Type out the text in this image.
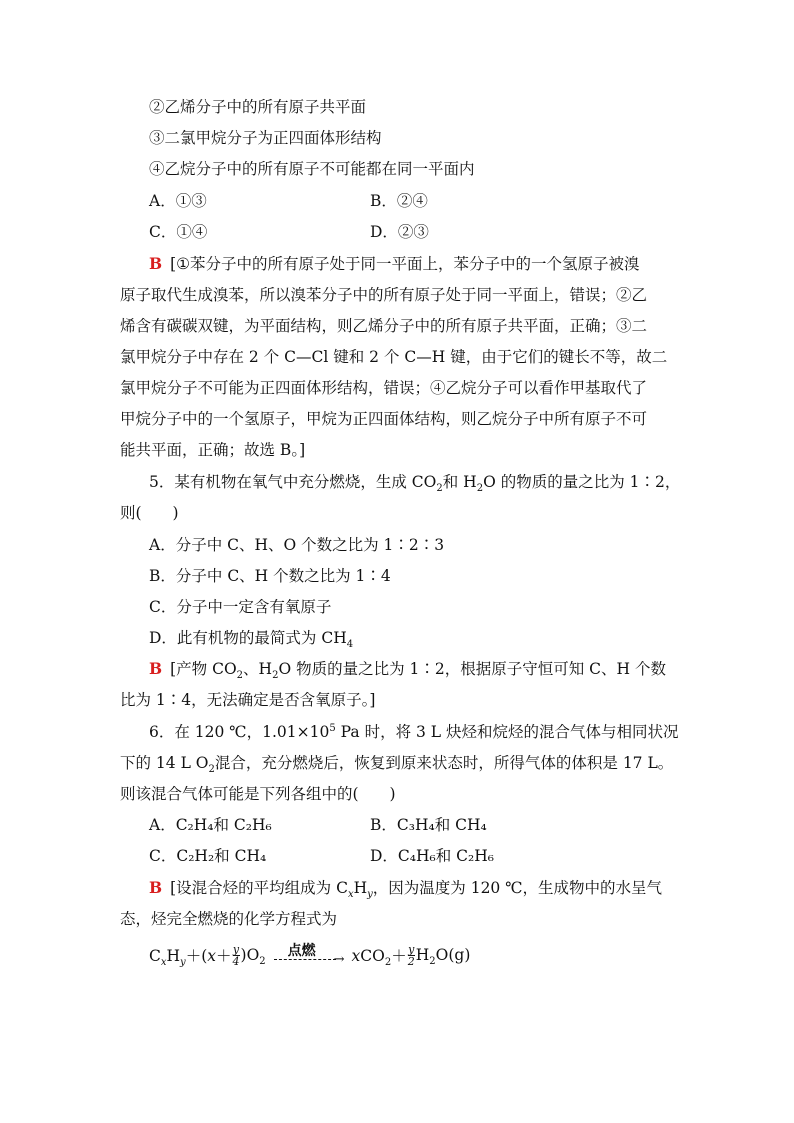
②乙烯分子中的所有原子共平面
③二氯甲烷分子为正四面体形结构
④乙烷分子中的所有原子不可能都在同一平面内
A．①③	B．②④
C．①④	D．②③
B [①苯分子中的所有原子处于同一平面上，苯分子中的一个氢原子被溴
原子取代生成溴苯，所以溴苯分子中的所有原子处于同一平面上，错误；②乙
烯含有碳碳双键，为平面结构，则乙烯分子中的所有原子共平面，正确；③二
氯甲烷分子中存在 2 个 C—Cl 键和 2 个 C—H 键，由于它们的键长不等，故二
氯甲烷分子不可能为正四面体形结构，错误；④乙烷分子可以看作甲基取代了
甲烷分子中的一个氢原子，甲烷为正四面体结构，则乙烷分子中所有原子不可
能共平面，正确；故选 B。]
5．某有机物在氧气中充分燃烧，生成 $CO_2$和 $H_2O$ 的物质的量之比为 1∶2，
则(　　)
A．分子中 C、H、O 个数之比为 1∶2∶3
B．分子中 C、H 个数之比为 1∶4
C．分子中一定含有氧原子
D．此有机物的最简式为 $CH_4$
B [产物 $CO_2$、$H_2O$ 物质的量之比为 1∶2，根据原子守恒可知 C、H 个数
比为 1∶4，无法确定是否含氧原子。]
6．在 120 ℃，$1.01\times 10^5$ Pa 时，将 3 L 炔烃和烷烃的混合气体与相同状况
下的 14 L $O_2$混合，充分燃烧后，恢复到原来状态时，所得气体的体积是 17 L。
则该混合气体可能是下列各组中的(　　)
A．C₂H₄和 C₂H₆	B．C₃H₄和 CH₄
C．C₂H₂和 CH₄	D．C₄H₆和 C₂H₆
B [设混合烃的平均组成为 $C_xH_y$，因为温度为 120 ℃，生成物中的水呈气
态，烃完全燃烧的化学方程式为
$C_xH_y+(x+ \frac{y}{4} )O_2$
点燃
→ $xCO_2+ \frac{y}{2} H_2O(g)$
